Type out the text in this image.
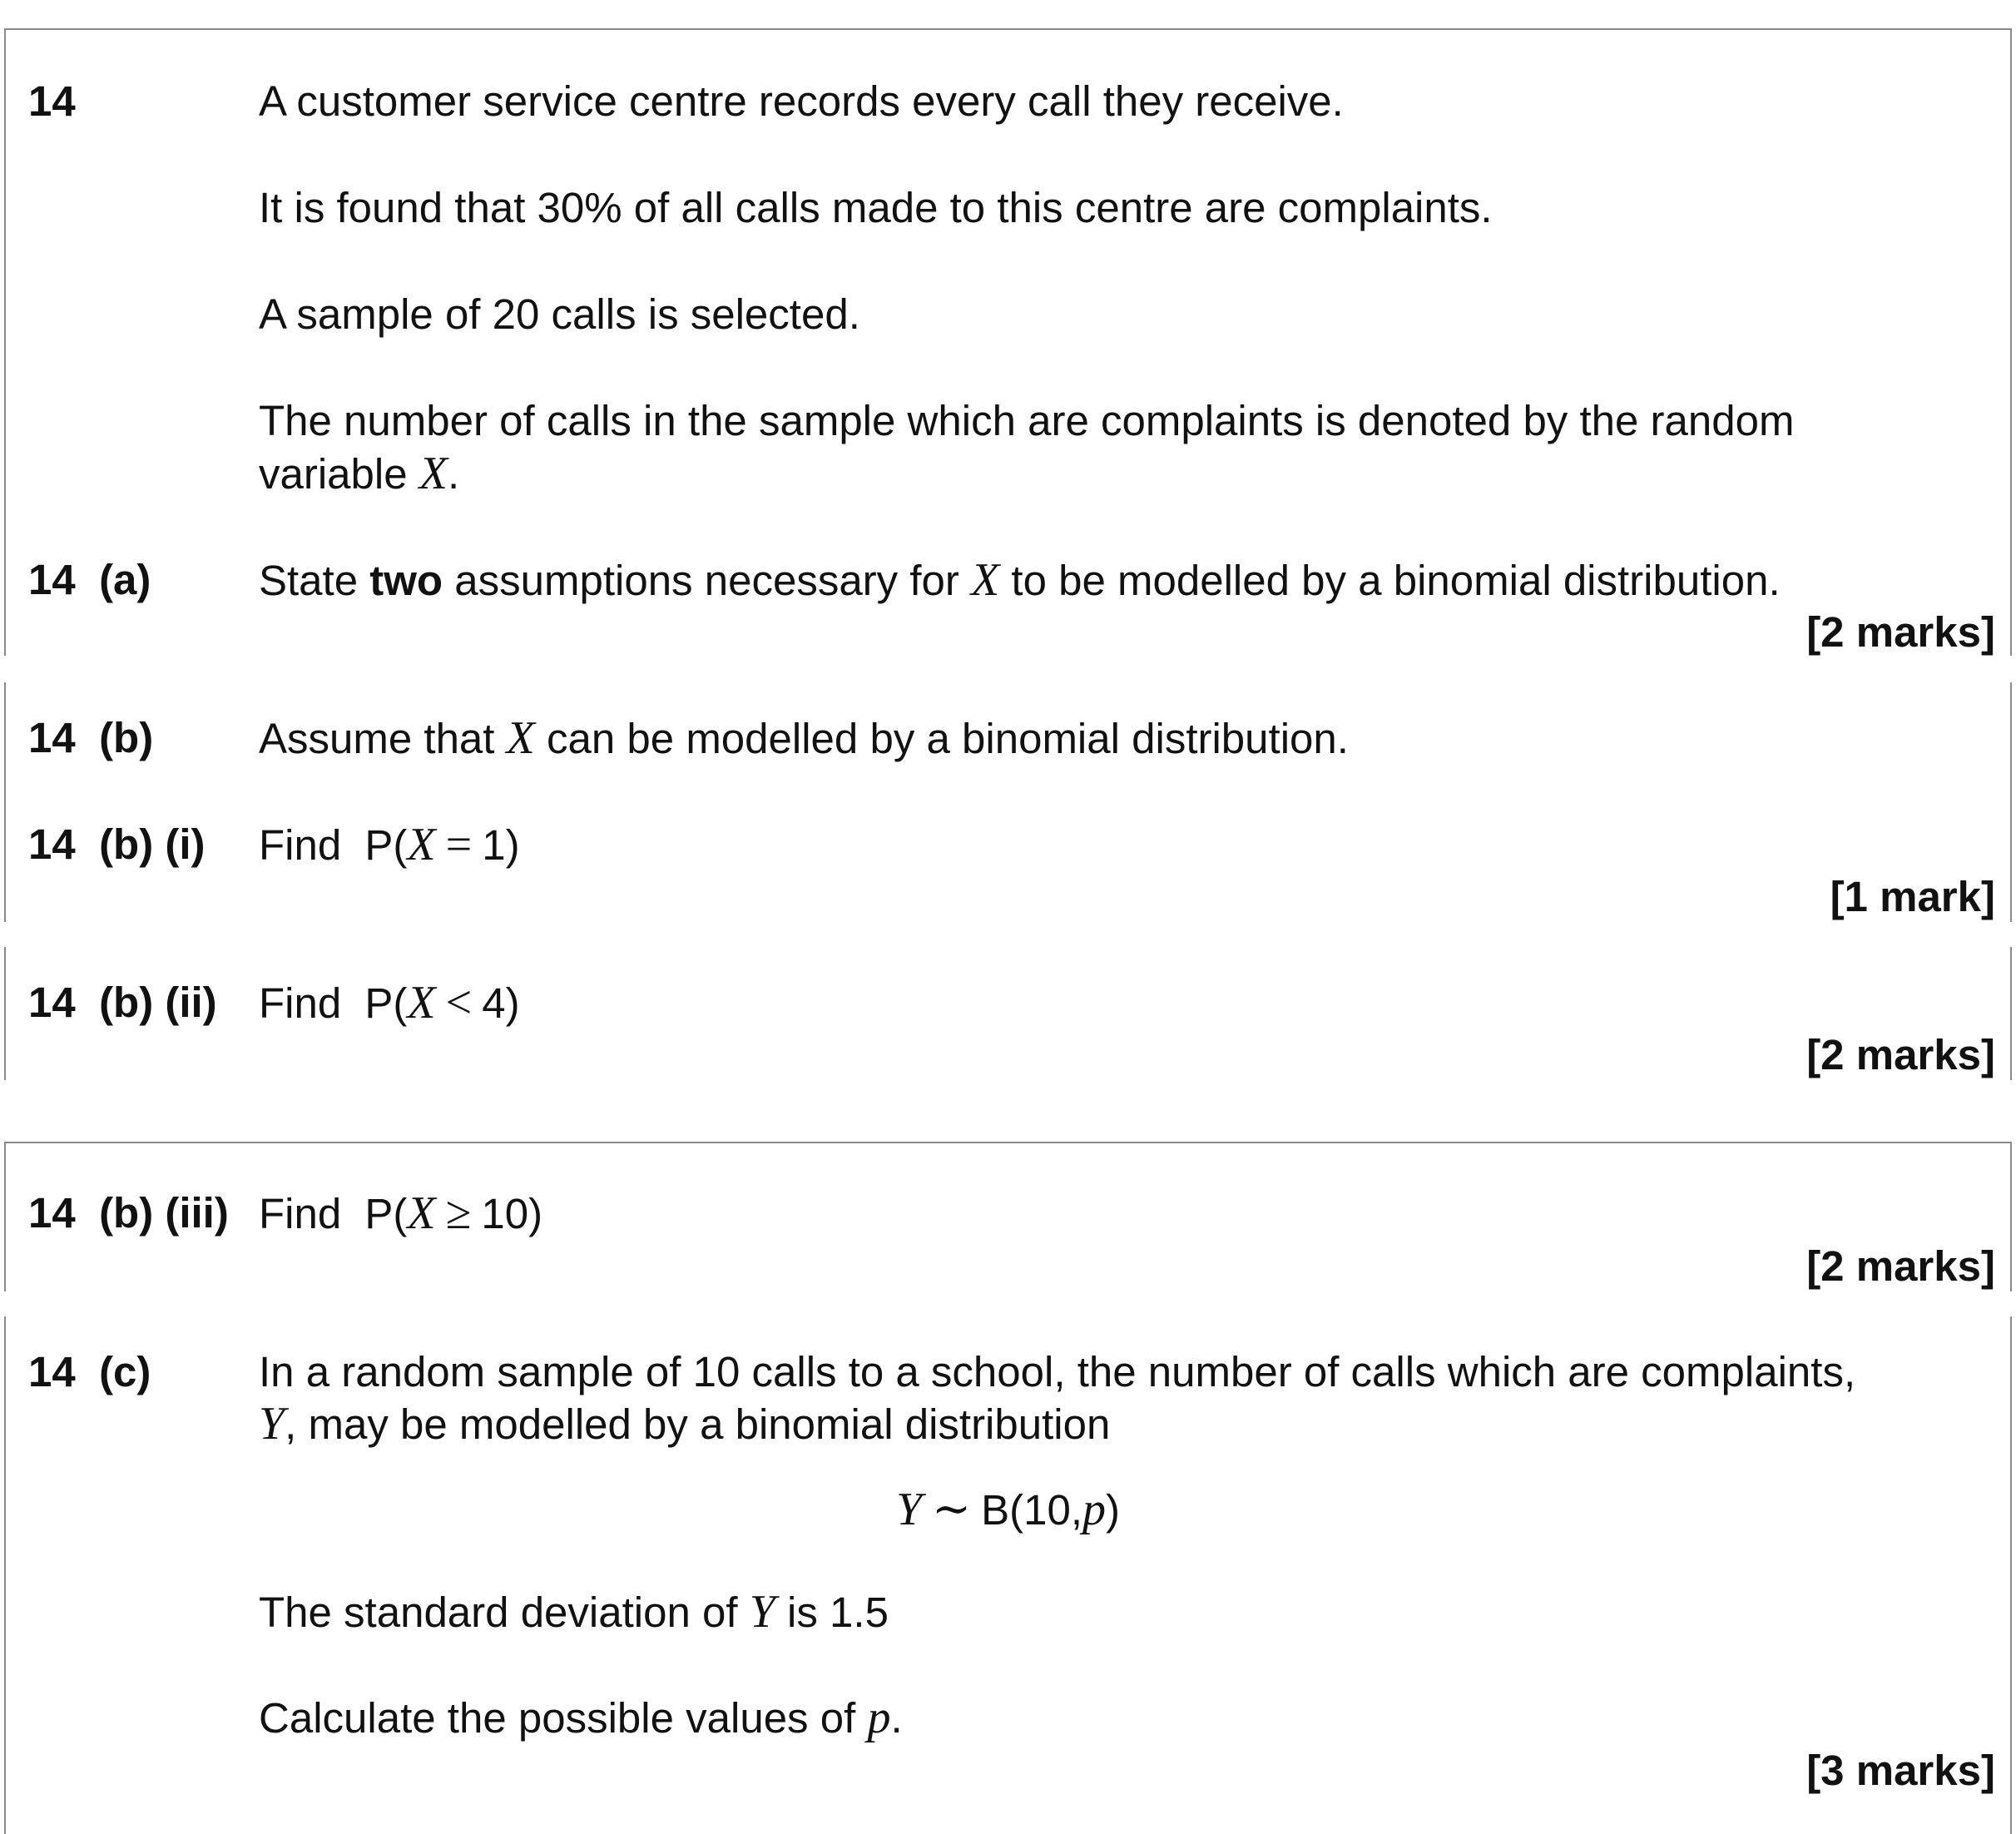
14	A customer service centre records every call they receive.
It is found that 30% of all calls made to this centre are complaints.
A sample of 20 calls is selected.
The number of calls in the sample which are complaints is denoted by the random
variable X.
14  (a)	State two assumptions necessary for X to be modelled by a binomial distribution.
[2 marks]
14  (b) Assume that X can be modelled by a binomial distribution.
14  (b) (i) Find P(X = 1)
[1 mark]
14  (b) (ii) Find P(X < 4)
[2 marks]
14  (b) (iii) Find P(X ≥ 10)
[2 marks]
14  (c)	In a random sample of 10 calls to a school, the number of calls which are complaints,
Y, may be modelled by a binomial distribution
Y ∼ B(10,p)
The standard deviation of Y is 1.5
Calculate the possible values of p.
[3 marks]
